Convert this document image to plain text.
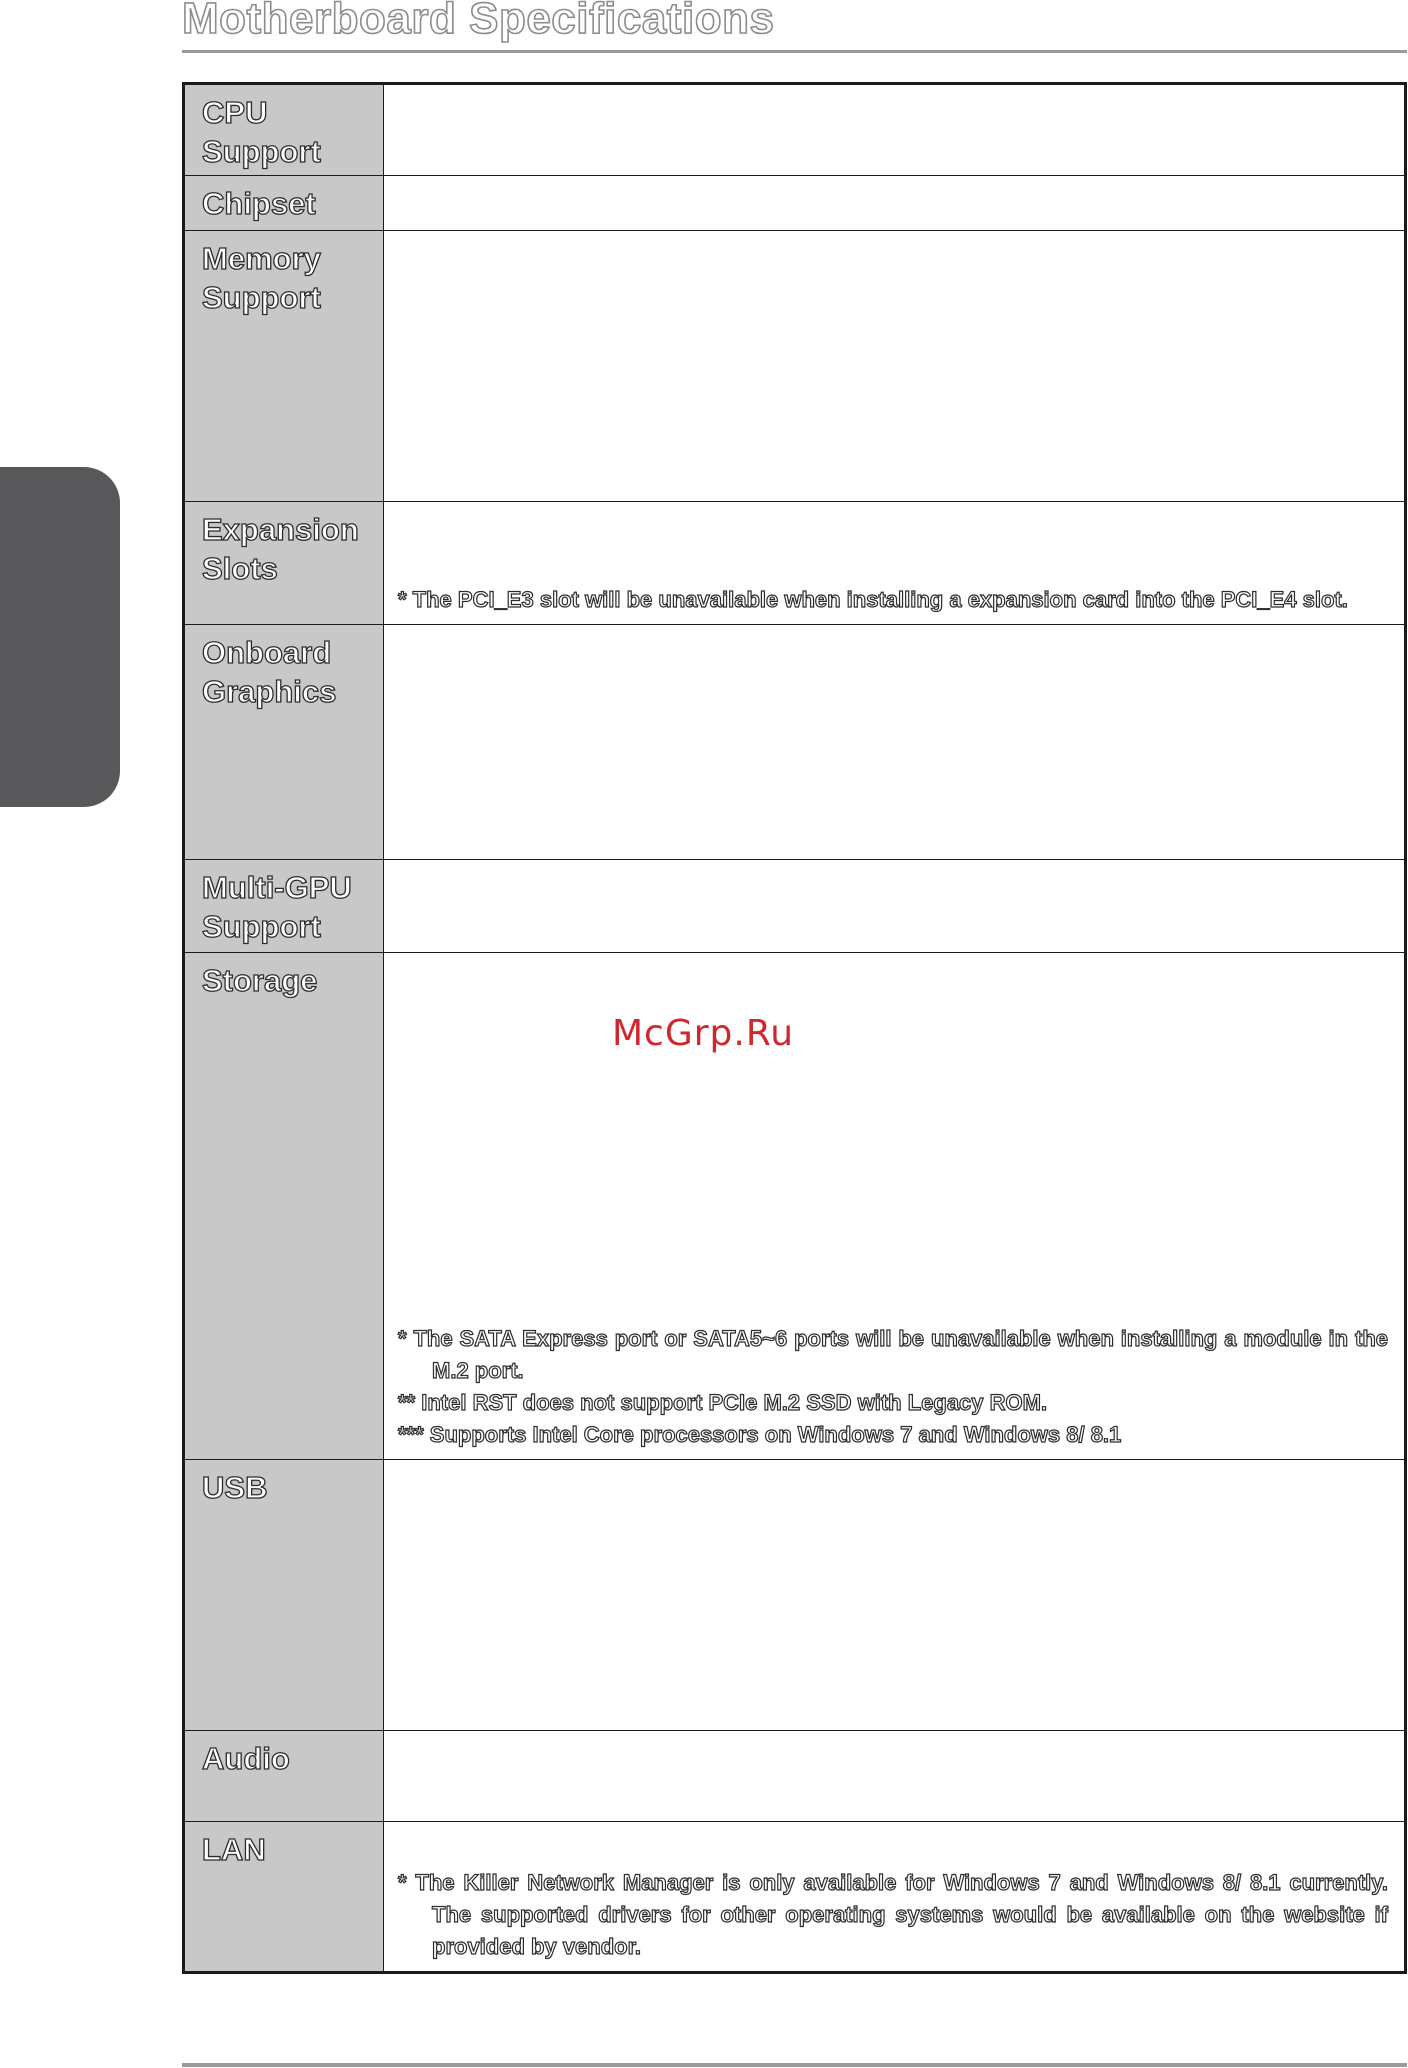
Motherboard Specifications
CPU Support	

Chipset	

Memory Support	

Expansion Slots	* The PCI_E3 slot will be unavailable when installing a expansion card into the PCI_E4 slot.

Onboard Graphics	

Multi-GPU Support	

Storage	* The SATA Express port or SATA5~6 ports will be unavailable when installing a module in the M.2 port.
** Intel RST does not support PCIe M.2 SSD with Legacy ROM.
*** Supports Intel Core processors on Windows 7 and Windows 8/ 8.1

USB	

Audio	

LAN	* The Killer Network Manager is only available for Windows 7 and Windows 8/ 8.1 currently. The supported drivers for other operating systems would be available on the website if provided by vendor.
McGrp.Ru
